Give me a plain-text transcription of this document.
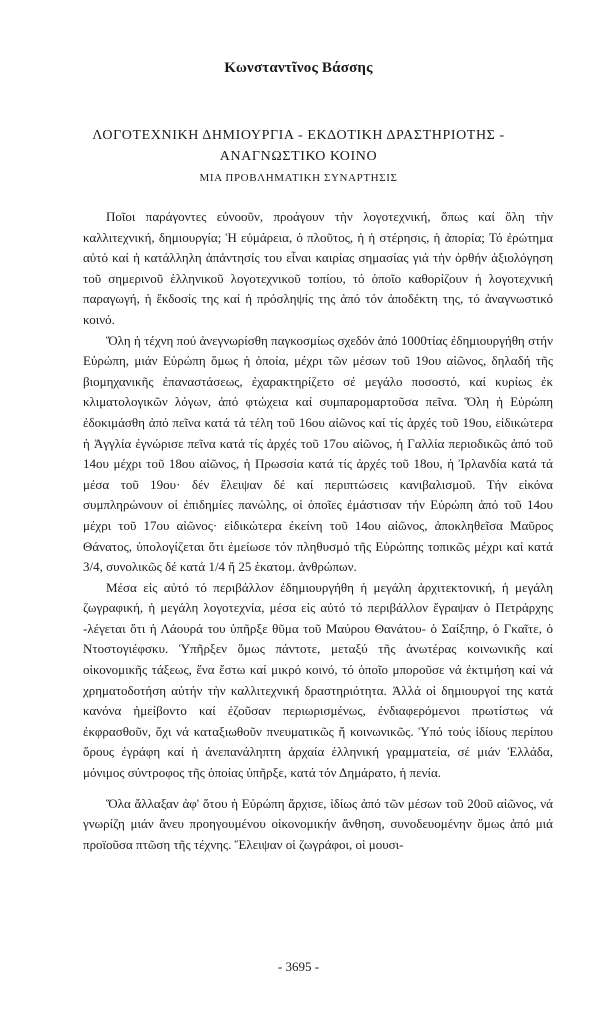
Κωνσταντῖνος Βάσσης
ΛΟΓΟΤΕΧΝΙΚΗ ΔΗΜΙΟΥΡΓΙΑ - ΕΚΔΟΤΙΚΗ ΔΡΑΣΤΗΡΙΟΤΗΣ - ΑΝΑΓΝΩΣΤΙΚΟ ΚΟΙΝΟ
ΜΙΑ ΠΡΟΒΛΗΜΑΤΙΚΗ ΣΥΝΑΡΤΗΣΙΣ

Ποῖοι παράγοντες εὐνοοῦν, προάγουν τὴν λογοτεχνική, ὅπως καί ὅλη τὴν καλλιτεχνική, δημιουργία; Ἡ εὐμάρεια, ὁ πλοῦτος, ἡ ἡ στέρησις, ἡ ἀπορία; Τό ἐρώτημα αὐτό καί ἡ κατάλληλη ἀπάντησίς του εἶναι καιρίας σημασίας γιά τὴν ὀρθήν ἀξιολόγηση τοῦ σημερινοῦ ἑλληνικοῦ λογοτεχνικοῦ τοπίου, τό ὁποῖο καθορίζουν ἡ λογοτεχνική παραγωγή, ἡ ἔκδοσίς της καί ἡ πρόσληψίς της ἀπό τόν ἀποδέκτη της, τό ἀναγνωστικό κοινό.

Ὅλη ἡ τέχνη πού ἀνεγνωρίσθη παγκοσμίως σχεδόν ἀπό 1000τίας ἐδημιουργήθη στήν Εὐρώπη, μιάν Εὐρώπη ὅμως ἡ ὁποία, μέχρι τῶν μέσων τοῦ 19ου αἰῶνος, δηλαδή τῆς βιομηχανικῆς ἐπαναστάσεως, ἐχαρακτηρίζετο σέ μεγάλο ποσοστό, καί κυρίως ἐκ κλιματολογικῶν λόγων, ἀπό φτώχεια καί συμπαρομαρτοῦσα πεῖνα. Ὅλη ἡ Εὐρώπη ἐδοκιμάσθη ἀπό πεῖνα κατά τά τέλη τοῦ 16ου αἰῶνος καί τίς ἀρχές τοῦ 19ου, εἰδικώτερα ἡ Ἀγγλία ἐγνώρισε πεῖνα κατά τίς ἀρχές τοῦ 17ου αἰῶνος, ἡ Γαλλία περιοδικῶς ἀπό τοῦ 14ου μέχρι τοῦ 18ου αἰῶνος, ἡ Πρωσσία κατά τίς ἀρχές τοῦ 18ου, ἡ Ἰρλανδία κατά τά μέσα τοῦ 19ου· δέν ἔλειψαν δέ καί περιπτώσεις κανιβαλισμοῦ. Τήν εἰκόνα συμπληρώνουν οἱ ἐπιδημίες πανώλης, οἱ ὁποῖες ἐμάστισαν τήν Εὐρώπη ἀπό τοῦ 14ου μέχρι τοῦ 17ου αἰῶνος· εἰδικώτερα ἐκείνη τοῦ 14ου αἰῶνος, ἀποκληθεῖσα Μαῦρος Θάνατος, ὑπολογίζεται ὅτι ἐμείωσε τόν πληθυσμό τῆς Εὐρώπης τοπικῶς μέχρι καί κατά 3/4, συνολικῶς δέ κατά 1/4 ἤ 25 ἑκατομ. ἀνθρώπων.

Μέσα εἰς αὐτό τό περιβάλλον ἐδημιουργήθη ἡ μεγάλη ἀρχιτεκτονική, ἡ μεγάλη ζωγραφική, ἡ μεγάλη λογοτεχνία, μέσα εἰς αὐτό τό περιβάλλον ἔγραψαν ὁ Πετράρχης -λέγεται ὅτι ἡ Λάουρά του ὑπῆρξε θῦμα τοῦ Μαύρου Θανάτου- ὁ Σαίξπηρ, ὁ Γκαῖτε, ὁ Ντοστογιέφσκυ. Ὑπῆρξεν ὅμως πάντοτε, μεταξύ τῆς ἀνωτέρας κοινωνικῆς καί οἰκονομικῆς τάξεως, ἕνα ἔστω καί μικρό κοινό, τό ὁποῖο μποροῦσε νά ἐκτιμήση καί νά χρηματοδοτήση αὐτήν τὴν καλλιτεχνική δραστηριότητα. Ἀλλά οἱ δημιουργοί της κατά κανόνα ἠμείβοντο καί ἐζοῦσαν περιωρισμένως, ἐνδιαφερόμενοι πρωτίστως νά ἐκφρασθοῦν, ὄχι νά καταξιωθοῦν πνευματικῶς ἤ κοινωνικῶς. Ὑπό τούς ἰδίους περίπου ὅρους ἐγράφη καί ἡ ἀνεπανάληπτη ἀρχαία ἑλληνική γραμματεία, σέ μιάν Ἑλλάδα, μόνιμος σύντροφος τῆς ὁποίας ὑπῆρξε, κατά τόν Δημάρατο, ἡ πενία.

Ὅλα ἄλλαξαν ἀφ' ὅτου ἡ Εὐρώπη ἄρχισε, ἰδίως ἀπό τῶν μέσων τοῦ 20οῦ αἰῶνος, νά γνωρίζη μιάν ἄνευ προηγουμένου οἰκονομικήν ἄνθηση, συνοδευομένην ὅμως ἀπό μιά προϊοῦσα πτῶση τῆς τέχνης. Ἔλειψαν οἱ ζωγράφοι, οἱ μουσι-

- 3695 -
